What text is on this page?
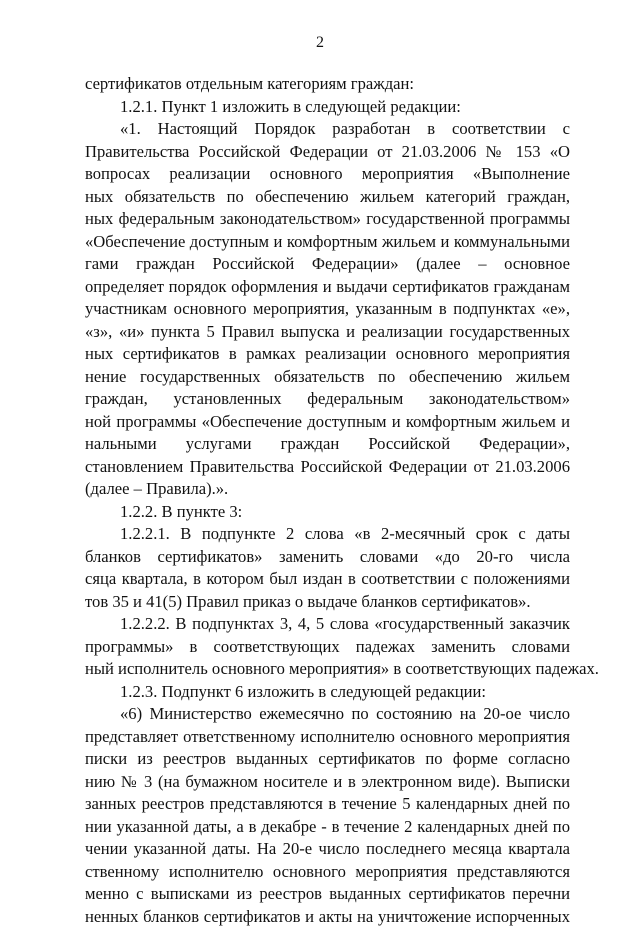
2
сертификатов отдельным категориям граждан:
1.2.1. Пункт 1 изложить в следующей редакции:
«1. Настоящий Порядок разработан в соответствии с
Правительства Российской Федерации от 21.03.2006 № 153 «О
вопросах реализации основного мероприятия «Выполнение
ных обязательств по обеспечению жильем категорий граждан,
ных федеральным законодательством» государственной программы
«Обеспечение доступным и комфортным жильем и коммунальными
гами граждан Российской Федерации» (далее – основное
определяет порядок оформления и выдачи сертификатов гражданам
участникам основного мероприятия, указанным в подпунктах «е»,
«з», «и» пункта 5 Правил выпуска и реализации государственных
ных сертификатов в рамках реализации основного мероприятия
нение государственных обязательств по обеспечению жильем
граждан, установленных федеральным законодательством»
ной программы «Обеспечение доступным и комфортным жильем и
нальными услугами граждан Российской Федерации»,
становлением Правительства Российской Федерации от 21.03.2006
(далее – Правила).».
1.2.2. В пункте 3:
1.2.2.1. В подпункте 2 слова «в 2-месячный срок с даты
бланков сертификатов» заменить словами «до 20-го числа
сяца квартала, в котором был издан в соответствии с положениями
тов 35 и 41(5) Правил приказ о выдаче бланков сертификатов».
1.2.2.2. В подпунктах 3, 4, 5 слова «государственный заказчик
программы» в соответствующих падежах заменить словами
ный исполнитель основного мероприятия» в соответствующих падежах.
1.2.3. Подпункт 6 изложить в следующей редакции:
«6) Министерство ежемесячно по состоянию на 20-ое число
представляет ответственному исполнителю основного мероприятия
писки из реестров выданных сертификатов по форме согласно
нию № 3 (на бумажном носителе и в электронном виде). Выписки
занных реестров представляются в течение 5 календарных дней по
нии указанной даты, а в декабре - в течение 2 календарных дней по
чении указанной даты. На 20-е число последнего месяца квартала
ственному исполнителю основного мероприятия представляются
менно с выписками из реестров выданных сертификатов перечни
ненных бланков сертификатов и акты на уничтожение испорченных
